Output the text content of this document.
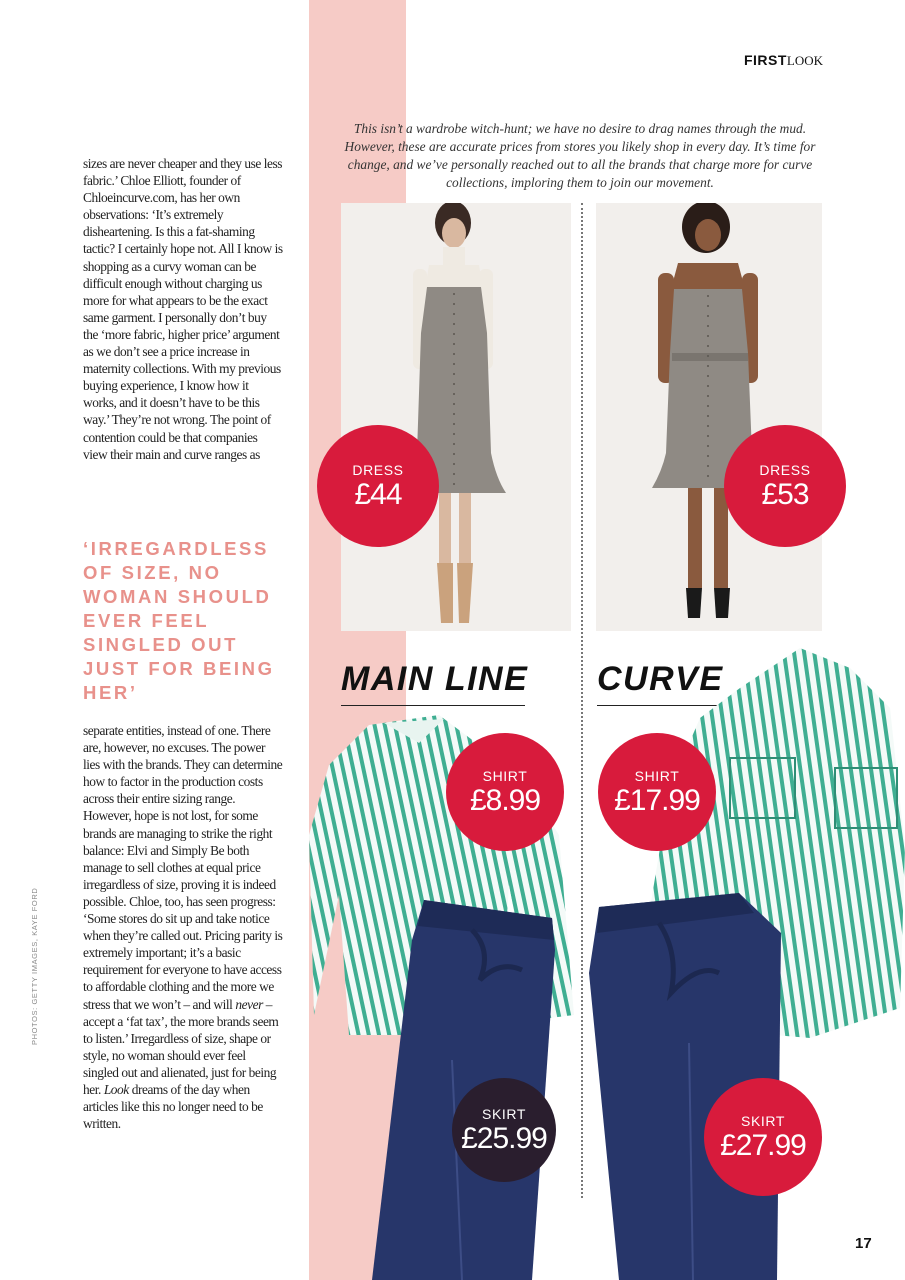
FIRSTLOOK

This isn’t a wardrobe witch-hunt; we have no desire to drag names through the mud. However, these are accurate prices from stores you likely shop in every day. It’s time for change, and we’ve personally reached out to all the brands that charge more for curve collections, imploring them to join our movement.

sizes are never cheaper and they use less fabric.’ Chloe Elliott, founder of Chloeincurve.com, has her own observations: ‘It’s extremely disheartening. Is this a fat-shaming tactic? I certainly hope not. All I know is shopping as a curvy woman can be difficult enough without charging us more for what appears to be the exact same garment. I personally don’t buy the ‘more fabric, higher price’ argument as we don’t see a price increase in maternity collections. With my previous buying experience, I know how it works, and it doesn’t have to be this way.’ They’re not wrong. The point of contention could be that companies view their main and curve ranges as

‘IRREGARDLESS OF SIZE, NO WOMAN SHOULD EVER FEEL SINGLED OUT JUST FOR BEING HER’

separate entities, instead of one. There are, however, no excuses. The power lies with the brands. They can determine how to factor in the production costs across their entire sizing range. However, hope is not lost, for some brands are managing to strike the right balance: Elvi and Simply Be both manage to sell clothes at equal price irregardless of size, proving it is indeed possible. Chloe, too, has seen progress: ‘Some stores do sit up and take notice when they’re called out. Pricing parity is extremely important; it’s a basic requirement for everyone to have access to affordable clothing and the more we stress that we won’t – and will never – accept a ‘fat tax’, the more brands seem to listen.’ Irregardless of size, shape or style, no woman should ever feel singled out and alienated, just for being her. Look dreams of the day when articles like this no longer need to be written.

DRESS
£44
DRESS
£53
MAIN LINE CURVE
SHIRT
£8.99
SHIRT
£17.99
SKIRT
£25.99
SKIRT
£27.99
PHOTOS: GETTY IMAGES, KAYE FORD
17
